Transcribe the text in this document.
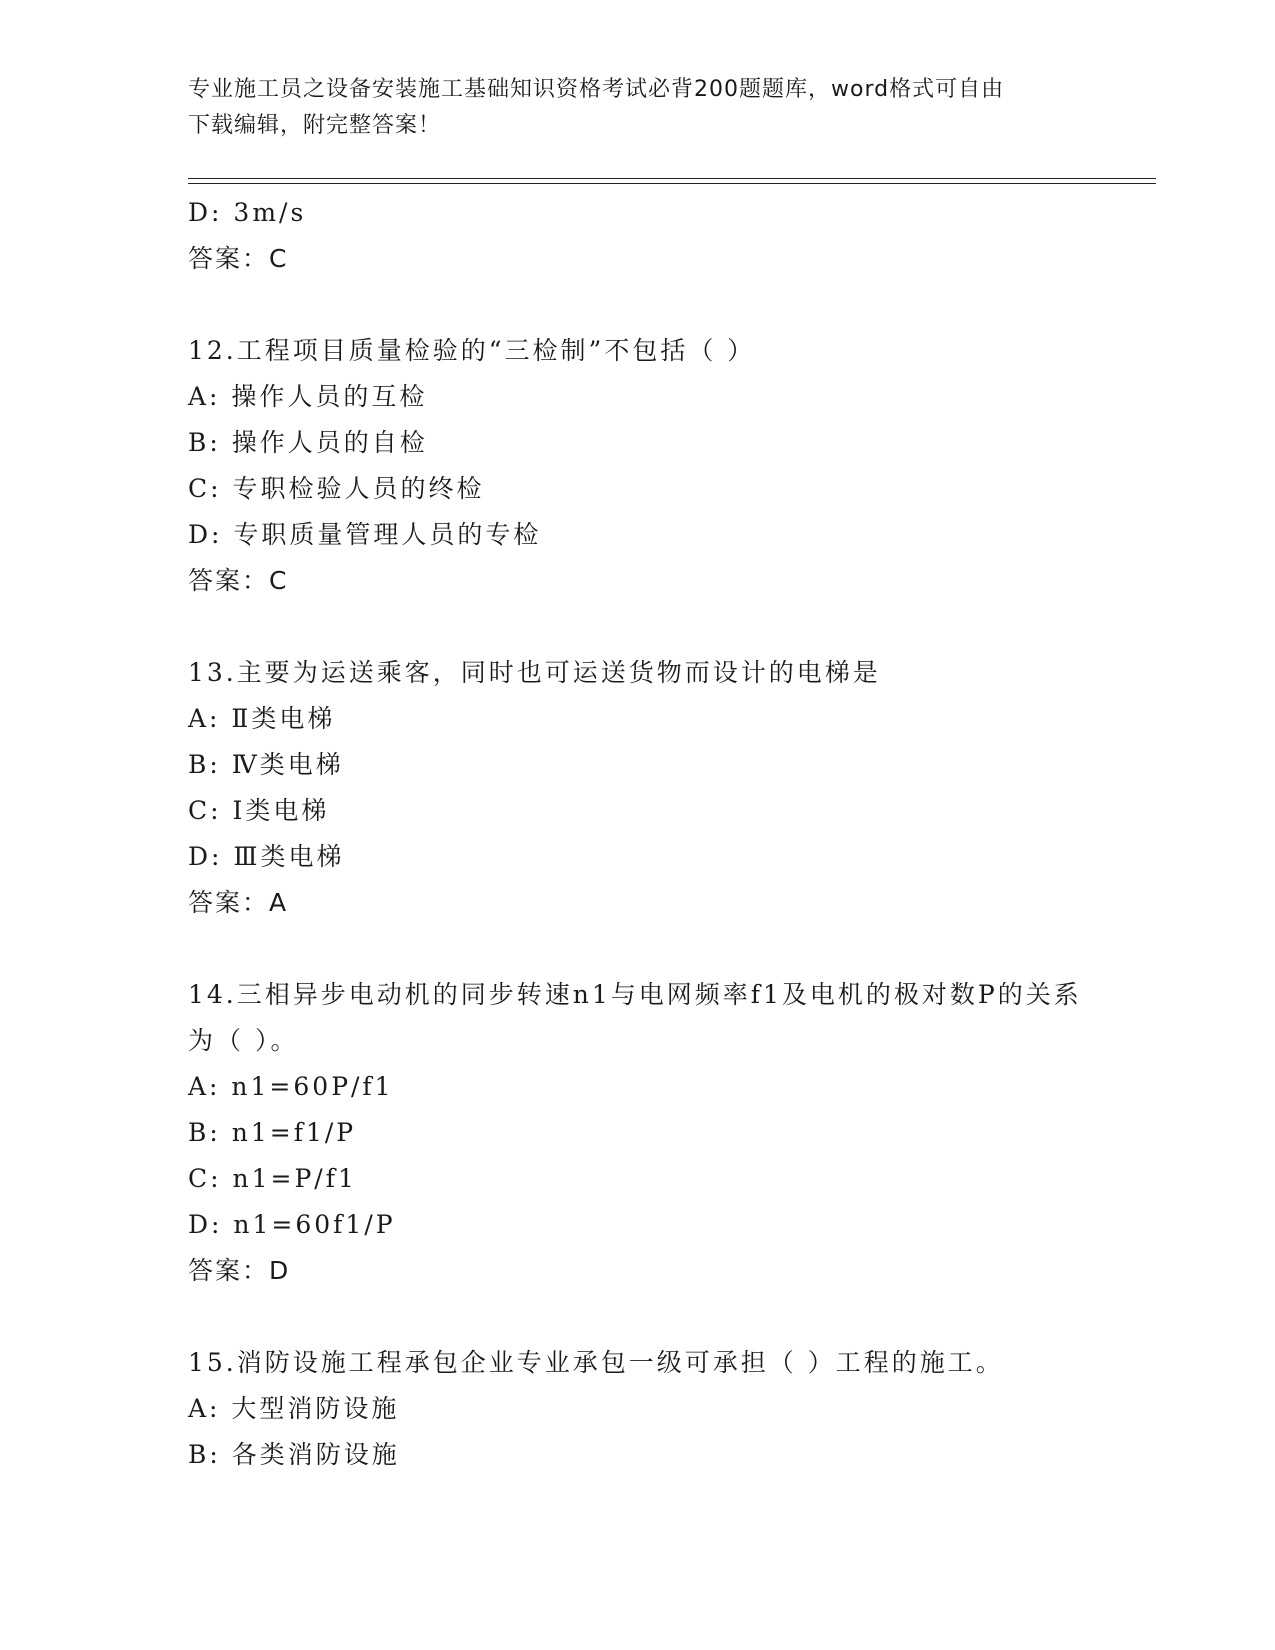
专业施工员之设备安装施工基础知识资格考试必背200题题库，word格式可自由
下载编辑，附完整答案！
D: 3m/s
答案：C
12.工程项目质量检验的“三检制”不包括（ ）
A: 操作人员的互检
B: 操作人员的自检
C: 专职检验人员的终检
D: 专职质量管理人员的专检
答案：C
13.主要为运送乘客，同时也可运送货物而设计的电梯是
A: Ⅱ类电梯
B: Ⅳ类电梯
C: Ⅰ类电梯
D: Ⅲ类电梯
答案：A
14.三相异步电动机的同步转速n1与电网频率f1及电机的极对数P的关系为（ ）。
A: n1=60P/f1
B: n1=f1/P
C: n1=P/f1
D: n1=60f1/P
答案：D
15.消防设施工程承包企业专业承包一级可承担（ ）工程的施工。
A: 大型消防设施
B: 各类消防设施
